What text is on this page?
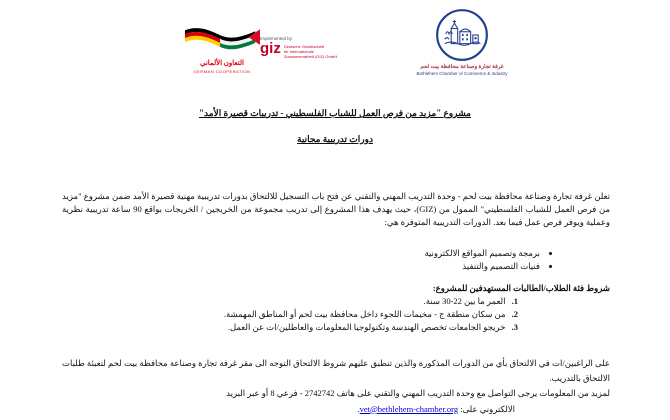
التعاون الألماني
GERMAN COOPERATION
Implemented by
giz Deutsche Gesellschaft
für Internationale
Zusammenarbeit (GIZ) GmbH
غرفة تجارة وصناعة محافظة بيت لحم
Bethlehem Chamber of Commerce & Industry
مشروع "مزيد من فرص العمل للشباب الفلسطيني - تدريبات قصيرة الأمد"
دورات تدريبية مجانية

تعلن غرفة تجارة وصناعة محافظة بيت لحم - وحدة التدريب المهني والتقني عن فتح باب التسجيل للالتحاق بدورات تدريبية مهنية قصيرة الأمد ضمن مشروع "مزيد من فرص العمل للشباب الفلسطيني" الممول من (GIZ)، حيث يهدف هذا المشروع إلى تدريب مجموعة من الخريجين / الخريجات بواقع 90 ساعة تدريبية نظرية وعملية ويوفر فرص عمل فيما بعد. الدورات التدريبية المتوفرة هي:

• برمجة وتصميم المواقع الالكترونية
• فنيات التصميم والتنفيذ
شروط فئة الطلاب/الطالبات المستهدفين للمشروع:
1. العمر ما بين 22-30 سنة.
2. من سكان منطقة ج - مخيمات اللجوء داخل محافظة بيت لحم أو المناطق المهمشة.
3. خريجو الجامعات تخصص الهندسة وتكنولوجيا المعلومات والعاطلين/ات عن العمل.

على الراغبين/ات في الالتحاق بأي من الدورات المذكورة والذين تنطبق عليهم شروط الالتحاق التوجه الى مقر غرفة تجارة وصناعة محافظة بيت لحم لتعبئة طلبات الالتحاق بالتدريب.

لمزيد من المعلومات يرجى التواصل مع وحدة التدريب المهني والتقني على هاتف 2742742 - فرعي 8 أو عبر البريد

الالكتروني على: vet@bethlehem-chamber.org.
